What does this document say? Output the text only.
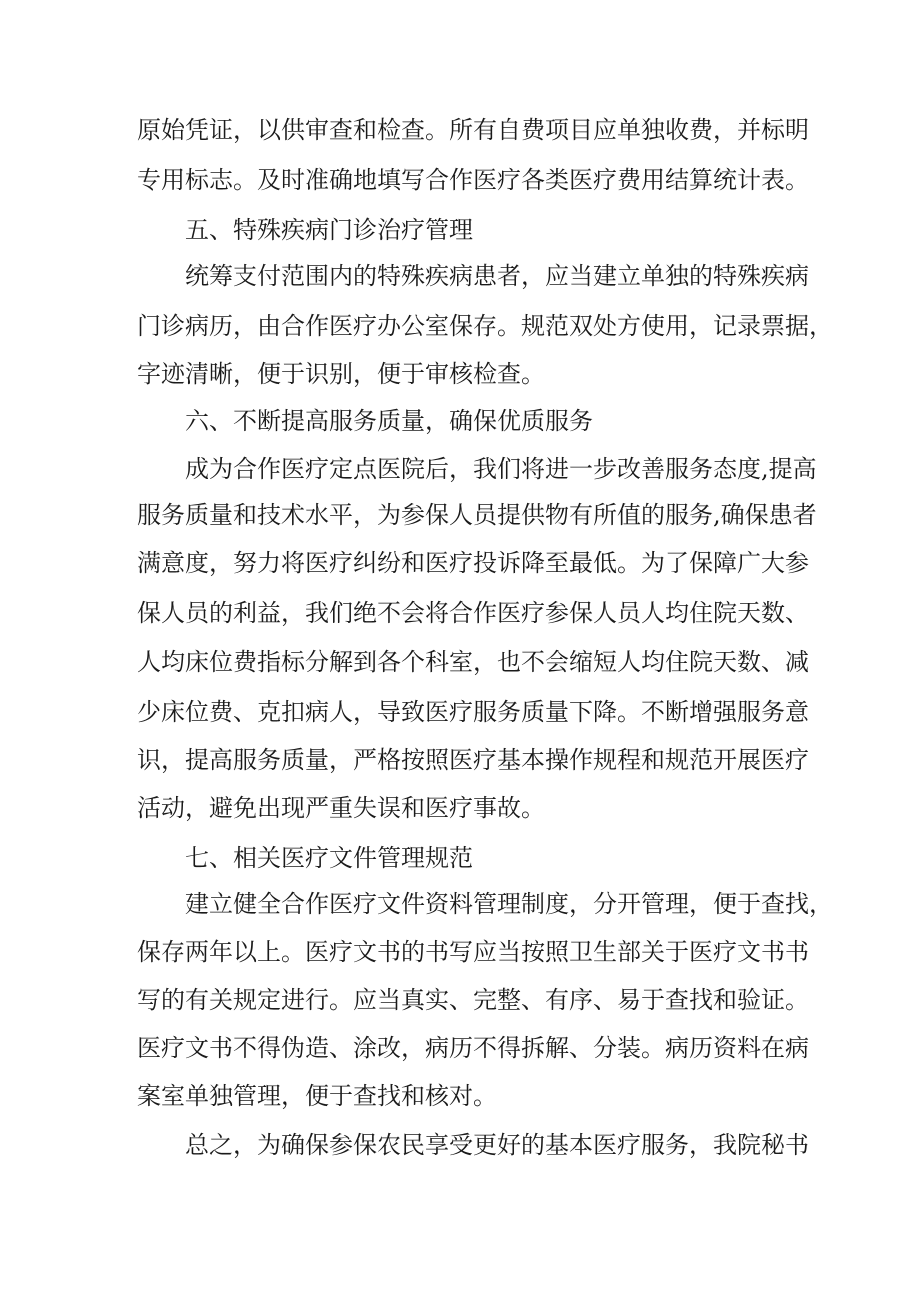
原始凭证，以供审查和检查。所有自费项目应单独收费，并标明
专用标志。及时准确地填写合作医疗各类医疗费用结算统计表。
五、特殊疾病门诊治疗管理
统筹支付范围内的特殊疾病患者，应当建立单独的特殊疾病
门诊病历，由合作医疗办公室保存。规范双处方使用，记录票据，
字迹清晰，便于识别，便于审核检查。
六、不断提高服务质量，确保优质服务
成为合作医疗定点医院后，我们将进一步改善服务态度,提高
服务质量和技术水平，为参保人员提供物有所值的服务,确保患者
满意度，努力将医疗纠纷和医疗投诉降至最低。为了保障广大参
保人员的利益，我们绝不会将合作医疗参保人员人均住院天数、
人均床位费指标分解到各个科室，也不会缩短人均住院天数、减
少床位费、克扣病人，导致医疗服务质量下降。不断增强服务意
识，提高服务质量，严格按照医疗基本操作规程和规范开展医疗
活动，避免出现严重失误和医疗事故。
七、相关医疗文件管理规范
建立健全合作医疗文件资料管理制度，分开管理，便于查找，
保存两年以上。医疗文书的书写应当按照卫生部关于医疗文书书
写的有关规定进行。应当真实、完整、有序、易于查找和验证。
医疗文书不得伪造、涂改，病历不得拆解、分装。病历资料在病
案室单独管理，便于查找和核对。
总之，为确保参保农民享受更好的基本医疗服务，我院秘书
